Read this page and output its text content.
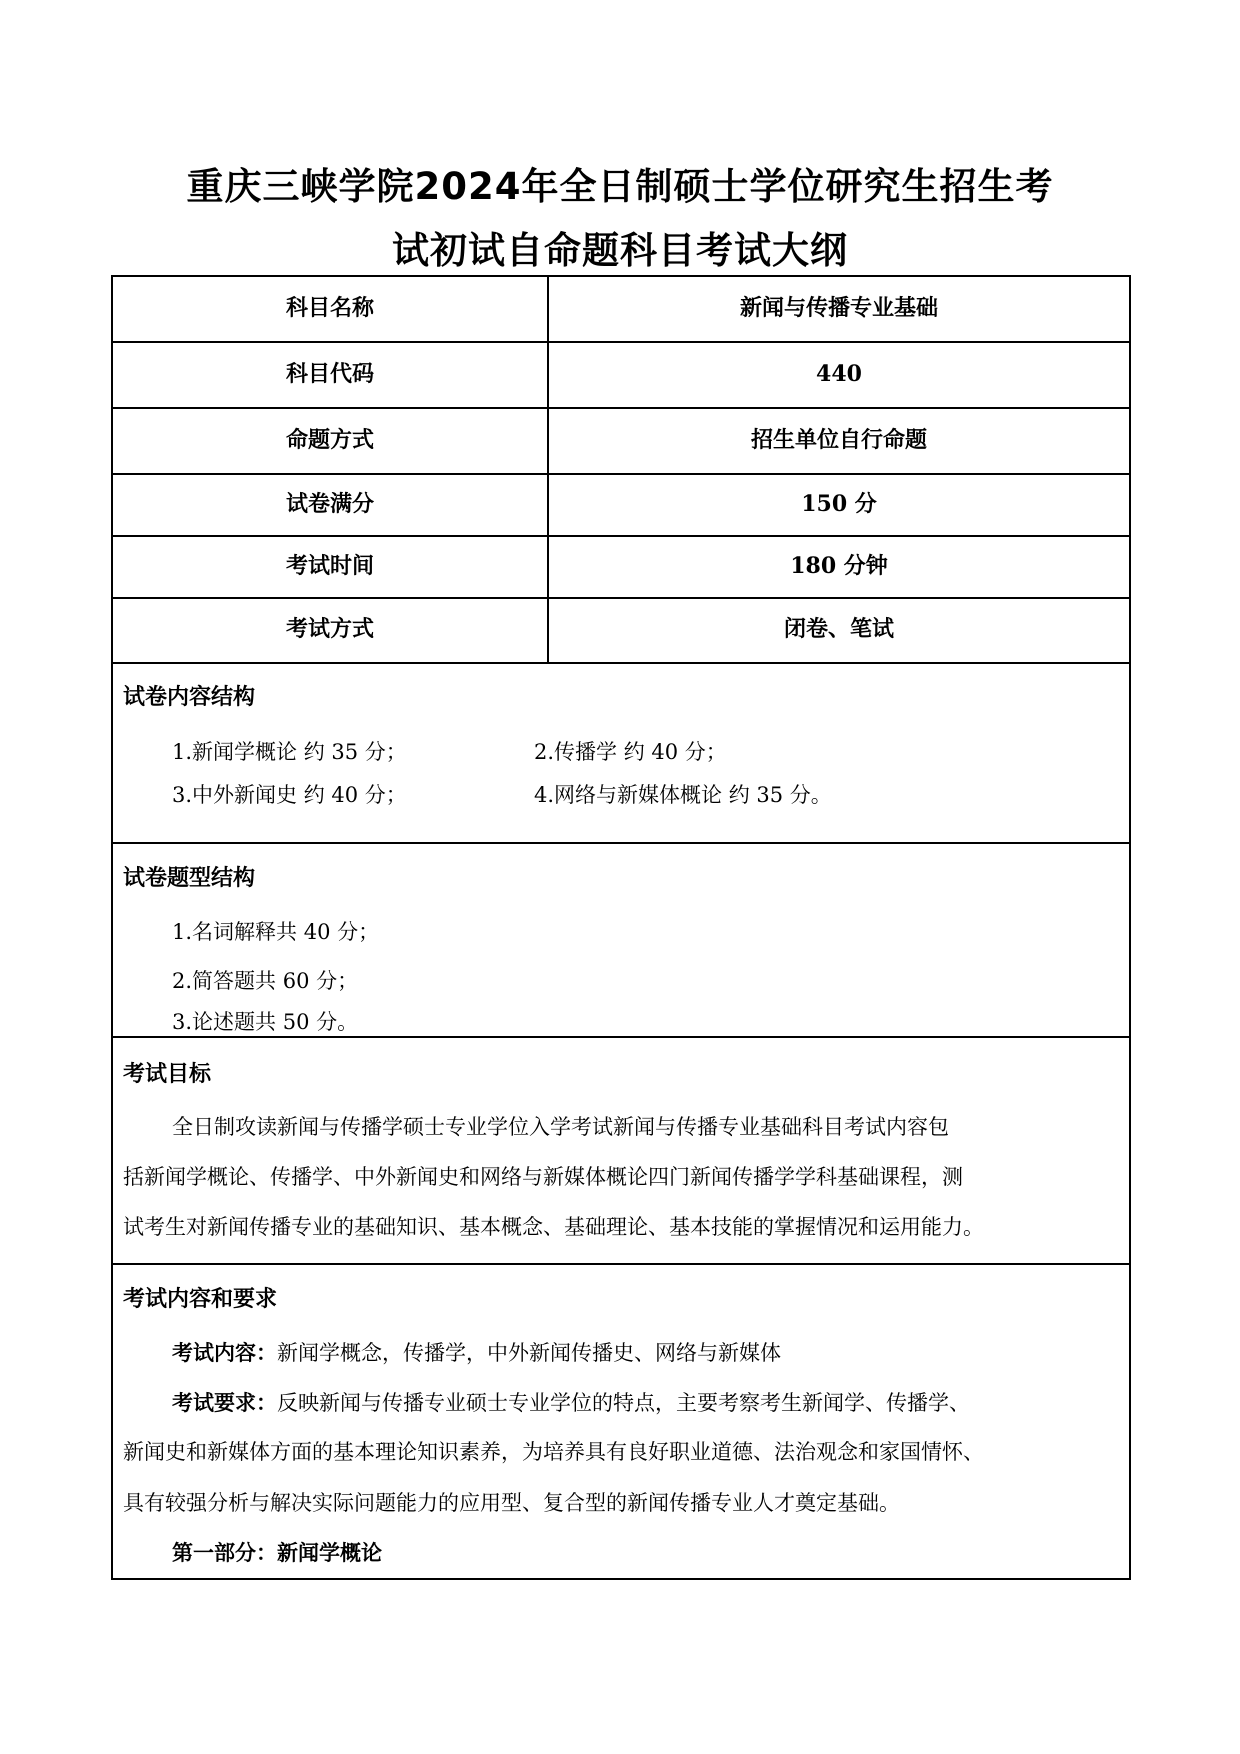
重庆三峡学院2024年全日制硕士学位研究生招生考
试初试自命题科目考试大纲
科目名称	新闻与传播专业基础
科目代码	440
命题方式	招生单位自行命题
试卷满分	150 分
考试时间	180 分钟
考试方式	闭卷、笔试
试卷内容结构
1.新闻学概论 约 35 分；	2.传播学 约 40 分；
3.中外新闻史 约 40 分；	4.网络与新媒体概论 约 35 分。
试卷题型结构
1.名词解释共 40 分；
2.简答题共 60 分；
3.论述题共 50 分。
考试目标
全日制攻读新闻与传播学硕士专业学位入学考试新闻与传播专业基础科目考试内容包
括新闻学概论、传播学、中外新闻史和网络与新媒体概论四门新闻传播学学科基础课程，测
试考生对新闻传播专业的基础知识、基本概念、基础理论、基本技能的掌握情况和运用能力。
考试内容和要求
考试内容：新闻学概念，传播学，中外新闻传播史、网络与新媒体
考试要求：反映新闻与传播专业硕士专业学位的特点，主要考察考生新闻学、传播学、
新闻史和新媒体方面的基本理论知识素养，为培养具有良好职业道德、法治观念和家国情怀、
具有较强分析与解决实际问题能力的应用型、复合型的新闻传播专业人才奠定基础。
第一部分：新闻学概论
